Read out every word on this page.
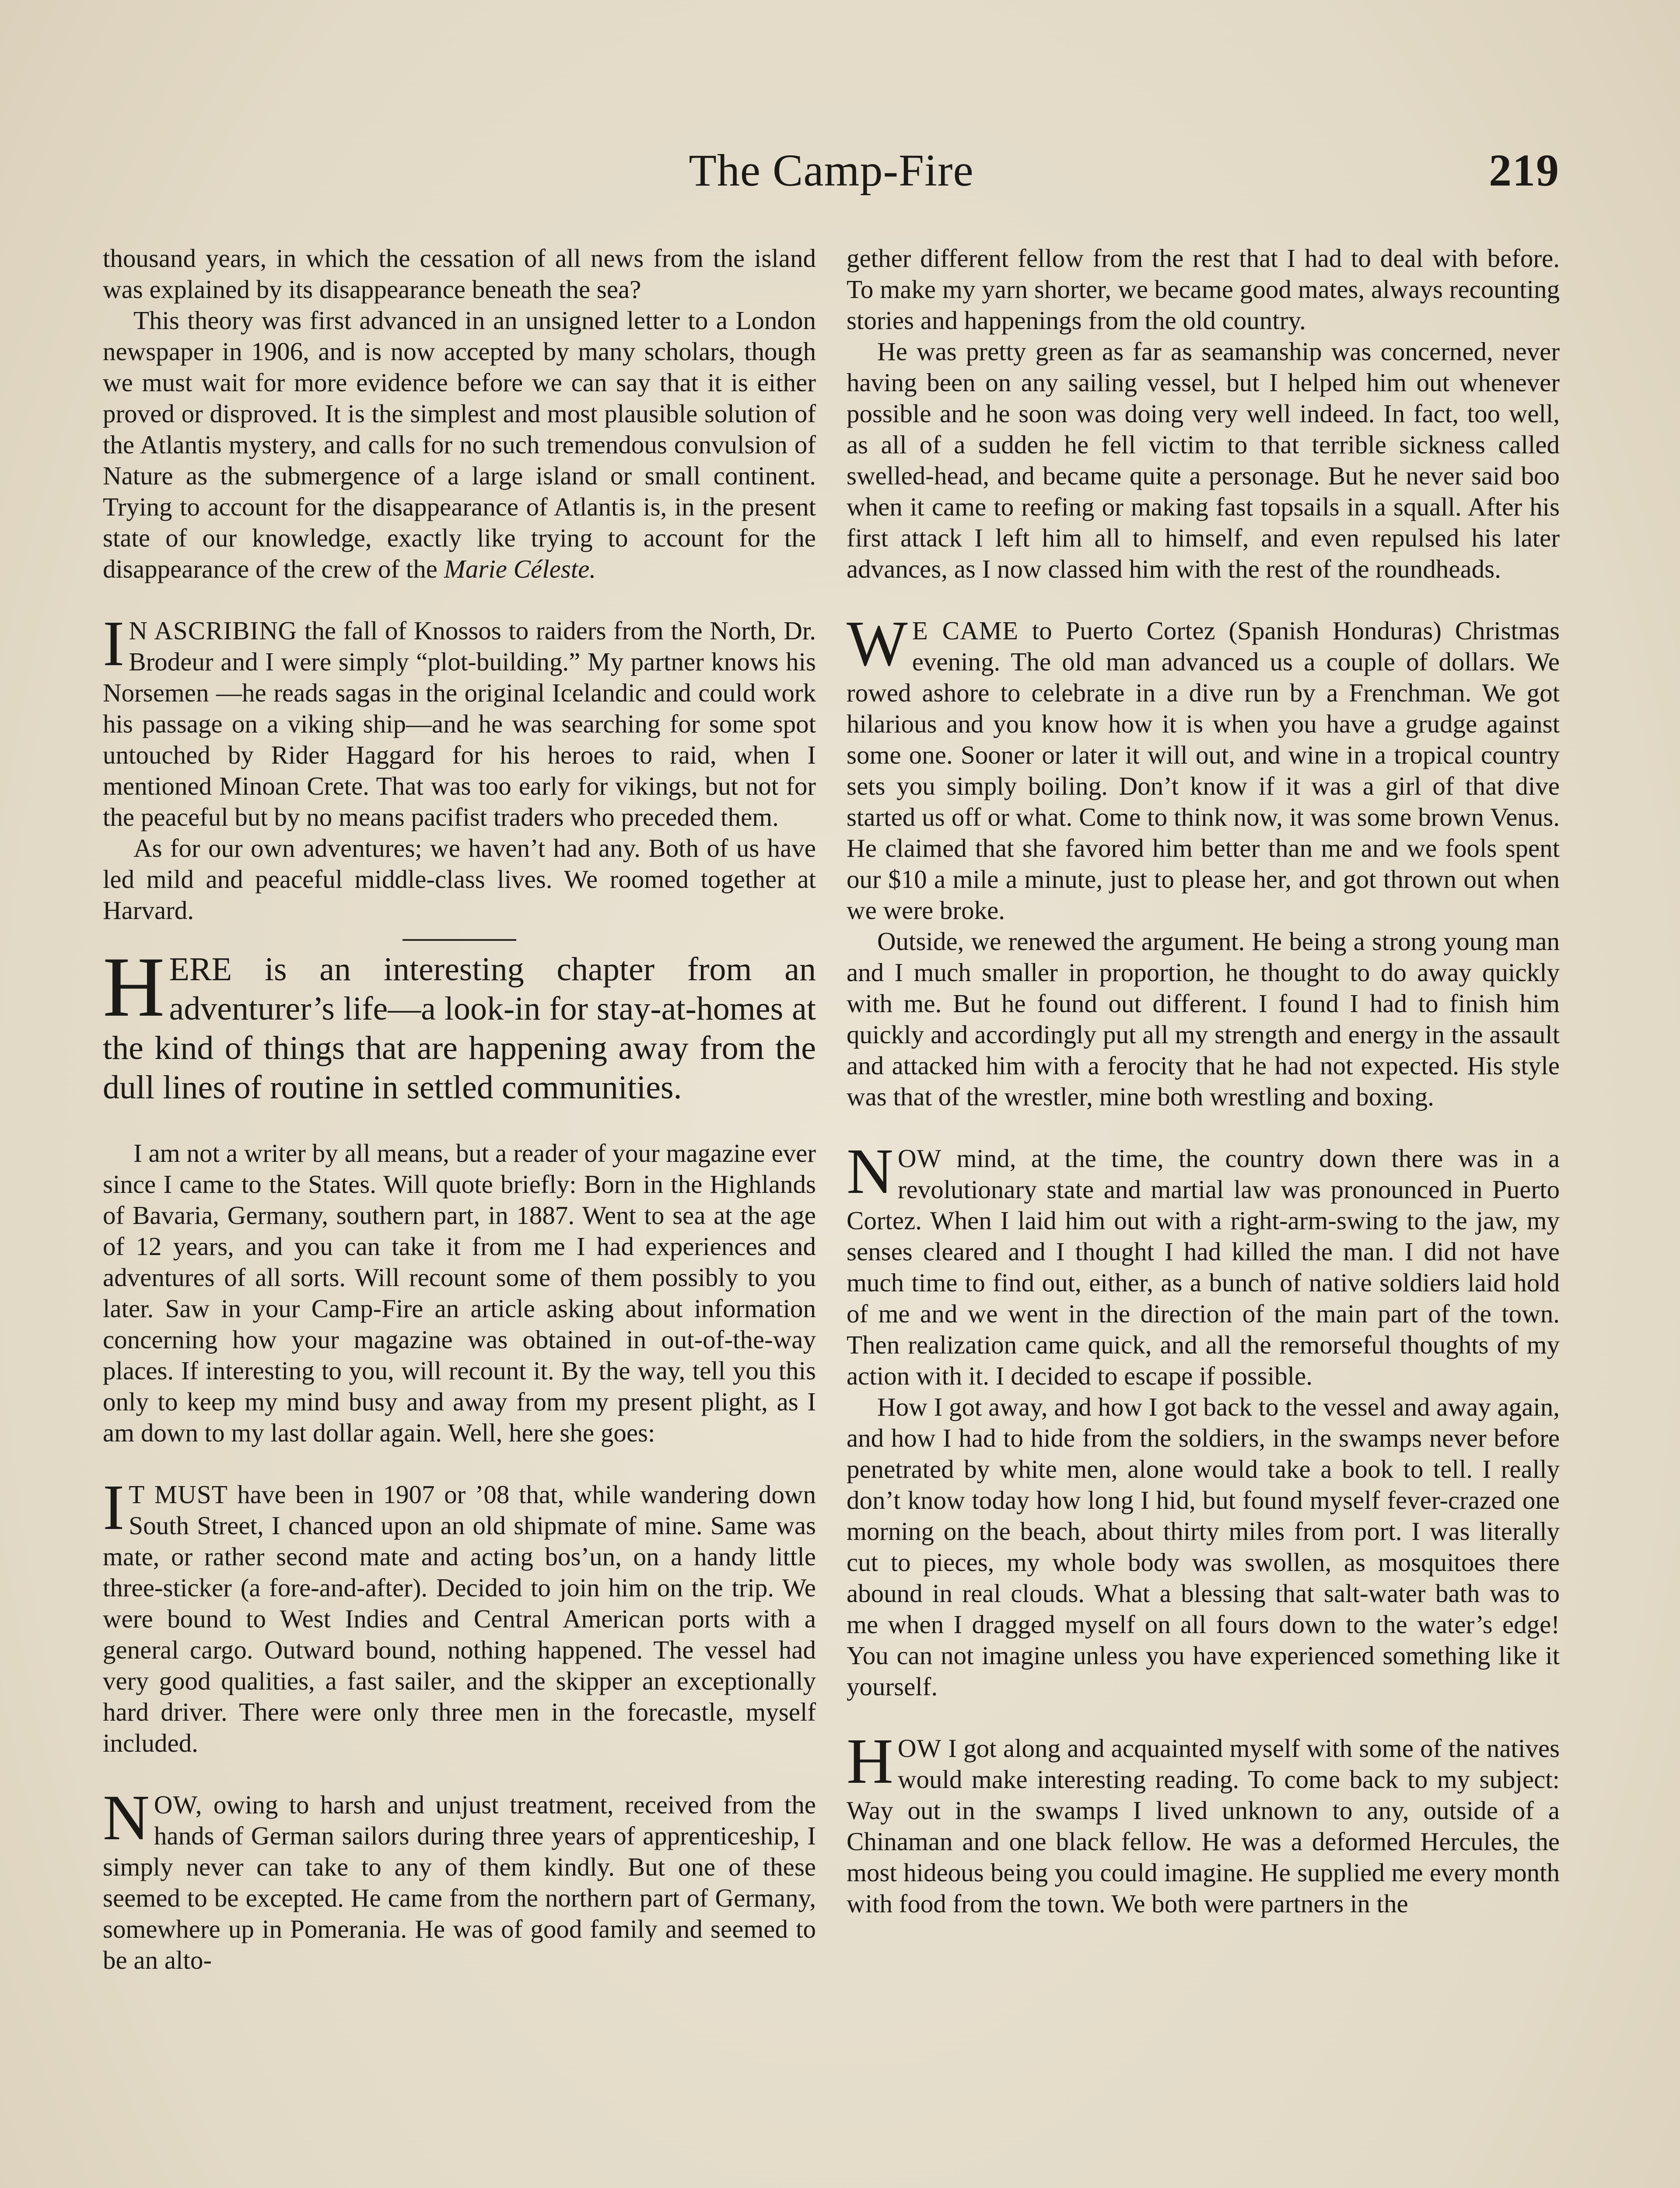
The Camp-Fire	219

thousand years, in which the cessation of all news from the island was explained by its disappearance beneath the sea?

This theory was first advanced in an unsigned letter to a London newspaper in 1906, and is now accepted by many scholars, though we must wait for more evidence before we can say that it is either proved or disproved. It is the simplest and most plausible solution of the Atlantis mystery, and calls for no such tremendous convulsion of Nature as the submergence of a large island or small continent. Trying to account for the disappearance of Atlantis is, in the present state of our knowledge, exactly like trying to account for the disappearance of the crew of the Marie Céleste.

I N ASCRIBING the fall of Knossos to raiders from the North, Dr. Brodeur and I were simply “plot-building.” My partner knows his Norsemen —he reads sagas in the original Icelandic and could work his passage on a viking ship—and he was searching for some spot untouched by Rider Haggard for his heroes to raid, when I mentioned Minoan Crete. That was too early for vikings, but not for the peaceful but by no means pacifist traders who preceded them.

As for our own adventures; we haven’t had any. Both of us have led mild and peaceful middle-class lives. We roomed together at Harvard.

HERE is an interesting chapter from an adventurer’s life—a look-in for stay-at-homes at the kind of things that are happening away from the dull lines of routine in settled communities.

I am not a writer by all means, but a reader of your magazine ever since I came to the States. Will quote briefly: Born in the Highlands of Bavaria, Germany, southern part, in 1887. Went to sea at the age of 12 years, and you can take it from me I had experiences and adventures of all sorts. Will recount some of them possibly to you later. Saw in your Camp-Fire an article asking about information concerning how your magazine was obtained in out-of-the-way places. If interesting to you, will recount it. By the way, tell you this only to keep my mind busy and away from my present plight, as I am down to my last dollar again. Well, here she goes:

I T MUST have been in 1907 or ’08 that, while wandering down South Street, I chanced upon an old shipmate of mine. Same was mate, or rather second mate and acting bos’un, on a handy little three-sticker (a fore-and-after). Decided to join him on the trip. We were bound to West Indies and Central American ports with a general cargo. Outward bound, nothing happened. The vessel had very good qualities, a fast sailer, and the skipper an exceptionally hard driver. There were only three men in the forecastle, myself included.

NOW, owing to harsh and unjust treatment, received from the hands of German sailors during three years of apprenticeship, I simply never can take to any of them kindly. But one of these seemed to be excepted. He came from the northern part of Germany, somewhere up in Pomerania. He was of good family and seemed to be an alto-

gether different fellow from the rest that I had to deal with before. To make my yarn shorter, we became good mates, always recounting stories and happenings from the old country.

He was pretty green as far as seamanship was concerned, never having been on any sailing vessel, but I helped him out whenever possible and he soon was doing very well indeed. In fact, too well, as all of a sudden he fell victim to that terrible sickness called swelled-head, and became quite a personage. But he never said boo when it came to reefing or making fast topsails in a squall. After his first attack I left him all to himself, and even repulsed his later advances, as I now classed him with the rest of the roundheads.

W E CAME to Puerto Cortez (Spanish Honduras) Christmas evening. The old man advanced us a couple of dollars. We rowed ashore to celebrate in a dive run by a Frenchman. We got hilarious and you know how it is when you have a grudge against some one. Sooner or later it will out, and wine in a tropical country sets you simply boiling. Don’t know if it was a girl of that dive started us off or what. Come to think now, it was some brown Venus. He claimed that she favored him better than me and we fools spent our $10 a mile a minute, just to please her, and got thrown out when we were broke.

Outside, we renewed the argument. He being a strong young man and I much smaller in proportion, he thought to do away quickly with me. But he found out different. I found I had to finish him quickly and accordingly put all my strength and energy in the assault and attacked him with a ferocity that he had not expected. His style was that of the wrestler, mine both wrestling and boxing.

NOW mind, at the time, the country down there was in a revolutionary state and martial law was pronounced in Puerto Cortez. When I laid him out with a right-arm-swing to the jaw, my senses cleared and I thought I had killed the man. I did not have much time to find out, either, as a bunch of native soldiers laid hold of me and we went in the direction of the main part of the town. Then realization came quick, and all the remorseful thoughts of my action with it. I decided to escape if possible.

How I got away, and how I got back to the vessel and away again, and how I had to hide from the soldiers, in the swamps never before penetrated by white men, alone would take a book to tell. I really don’t know today how long I hid, but found myself fever-crazed one morning on the beach, about thirty miles from port. I was literally cut to pieces, my whole body was swollen, as mosquitoes there abound in real clouds. What a blessing that salt-water bath was to me when I dragged myself on all fours down to the water’s edge! You can not imagine unless you have experienced something like it yourself.

HOW I got along and acquainted myself with some of the natives would make interesting reading. To come back to my subject: Way out in the swamps I lived unknown to any, outside of a Chinaman and one black fellow. He was a deformed Hercules, the most hideous being you could imagine. He supplied me every month with food from the town. We both were partners in the
